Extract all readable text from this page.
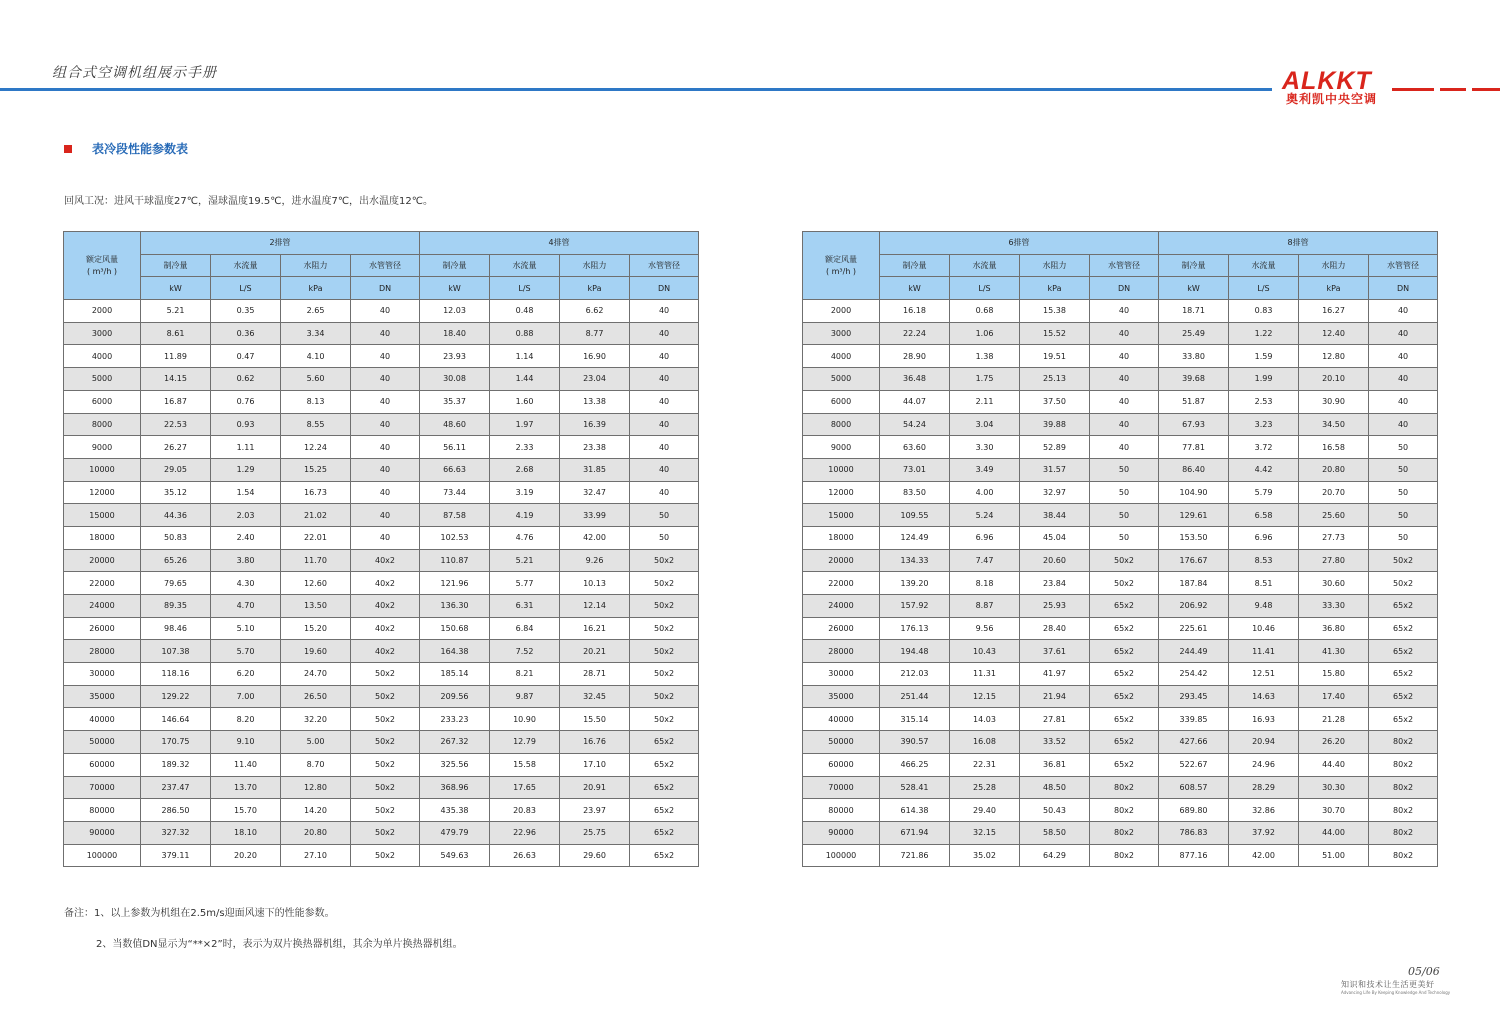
组合式空调机组展示手册	ALKKT
奥利凯中央空调
表冷段性能参数表
回风工况：进风干球温度27℃，湿球温度19.5℃，进水温度7℃，出水温度12℃。
额定风量
( m³/h )	2排管				4排管			
	制冷量	水流量	水阻力	水管管径	制冷量	水流量	水阻力	水管管径
	kW	L/S	kPa	DN	kW	L/S	kPa	DN
2000	5.21	0.35	2.65	40	12.03	0.48	6.62	40
3000	8.61	0.36	3.34	40	18.40	0.88	8.77	40
4000	11.89	0.47	4.10	40	23.93	1.14	16.90	40
5000	14.15	0.62	5.60	40	30.08	1.44	23.04	40
6000	16.87	0.76	8.13	40	35.37	1.60	13.38	40
8000	22.53	0.93	8.55	40	48.60	1.97	16.39	40
9000	26.27	1.11	12.24	40	56.11	2.33	23.38	40
10000	29.05	1.29	15.25	40	66.63	2.68	31.85	40
12000	35.12	1.54	16.73	40	73.44	3.19	32.47	40
15000	44.36	2.03	21.02	40	87.58	4.19	33.99	50
18000	50.83	2.40	22.01	40	102.53	4.76	42.00	50
20000	65.26	3.80	11.70	40x2	110.87	5.21	9.26	50x2
22000	79.65	4.30	12.60	40x2	121.96	5.77	10.13	50x2
24000	89.35	4.70	13.50	40x2	136.30	6.31	12.14	50x2
26000	98.46	5.10	15.20	40x2	150.68	6.84	16.21	50x2
28000	107.38	5.70	19.60	40x2	164.38	7.52	20.21	50x2
30000	118.16	6.20	24.70	50x2	185.14	8.21	28.71	50x2
35000	129.22	7.00	26.50	50x2	209.56	9.87	32.45	50x2
40000	146.64	8.20	32.20	50x2	233.23	10.90	15.50	50x2
50000	170.75	9.10	5.00	50x2	267.32	12.79	16.76	65x2
60000	189.32	11.40	8.70	50x2	325.56	15.58	17.10	65x2
70000	237.47	13.70	12.80	50x2	368.96	17.65	20.91	65x2
80000	286.50	15.70	14.20	50x2	435.38	20.83	23.97	65x2
90000	327.32	18.10	20.80	50x2	479.79	22.96	25.75	65x2
100000	379.11	20.20	27.10	50x2	549.63	26.63	29.60	65x2
额定风量
( m³/h )	6排管				8排管			
	制冷量	水流量	水阻力	水管管径	制冷量	水流量	水阻力	水管管径
	kW	L/S	kPa	DN	kW	L/S	kPa	DN
2000	16.18	0.68	15.38	40	18.71	0.83	16.27	40
3000	22.24	1.06	15.52	40	25.49	1.22	12.40	40
4000	28.90	1.38	19.51	40	33.80	1.59	12.80	40
5000	36.48	1.75	25.13	40	39.68	1.99	20.10	40
6000	44.07	2.11	37.50	40	51.87	2.53	30.90	40
8000	54.24	3.04	39.88	40	67.93	3.23	34.50	40
9000	63.60	3.30	52.89	40	77.81	3.72	16.58	50
10000	73.01	3.49	31.57	50	86.40	4.42	20.80	50
12000	83.50	4.00	32.97	50	104.90	5.79	20.70	50
15000	109.55	5.24	38.44	50	129.61	6.58	25.60	50
18000	124.49	6.96	45.04	50	153.50	6.96	27.73	50
20000	134.33	7.47	20.60	50x2	176.67	8.53	27.80	50x2
22000	139.20	8.18	23.84	50x2	187.84	8.51	30.60	50x2
24000	157.92	8.87	25.93	65x2	206.92	9.48	33.30	65x2
26000	176.13	9.56	28.40	65x2	225.61	10.46	36.80	65x2
28000	194.48	10.43	37.61	65x2	244.49	11.41	41.30	65x2
30000	212.03	11.31	41.97	65x2	254.42	12.51	15.80	65x2
35000	251.44	12.15	21.94	65x2	293.45	14.63	17.40	65x2
40000	315.14	14.03	27.81	65x2	339.85	16.93	21.28	65x2
50000	390.57	16.08	33.52	65x2	427.66	20.94	26.20	80x2
60000	466.25	22.31	36.81	65x2	522.67	24.96	44.40	80x2
70000	528.41	25.28	48.50	80x2	608.57	28.29	30.30	80x2
80000	614.38	29.40	50.43	80x2	689.80	32.86	30.70	80x2
90000	671.94	32.15	58.50	80x2	786.83	37.92	44.00	80x2
100000	721.86	35.02	64.29	80x2	877.16	42.00	51.00	80x2
备注：1、以上参数为机组在2.5m/s迎面风速下的性能参数。
2、当数值DN显示为“**×2”时，表示为双片换热器机组，其余为单片换热器机组。
05/06
知识和技术让生活更美好
Advancing Life By Keeping Knowledge And Technology
